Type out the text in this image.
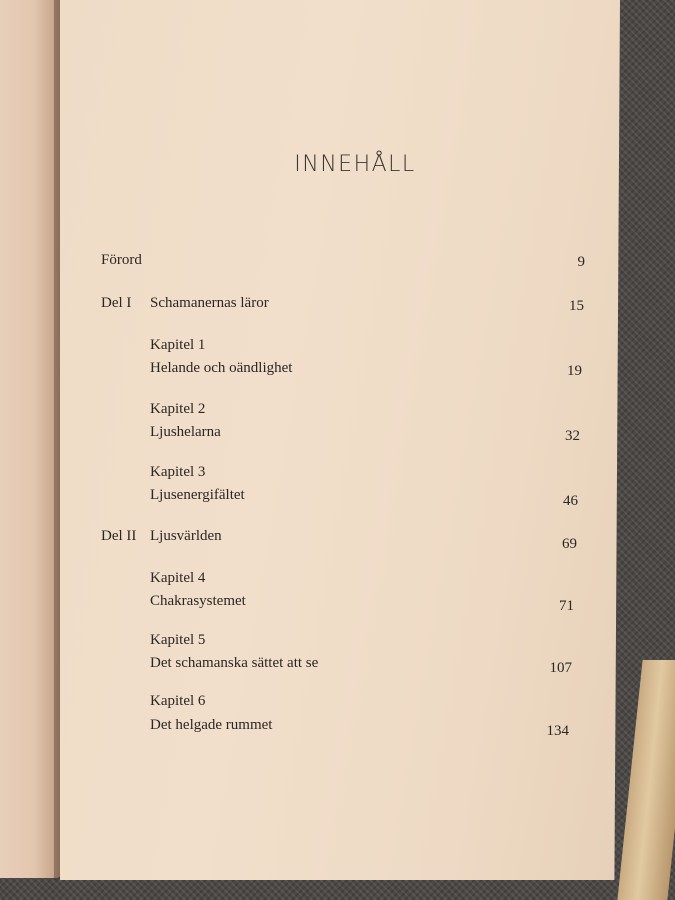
INNEHÅLL
Förord	9
Del I Schamanernas läror	15
Kapitel 1
Helande och oändlighet	19
Kapitel 2
Ljushelarna	32
Kapitel 3
Ljusenergifältet	46
Del II Ljusvärlden	69
Kapitel 4
Chakrasystemet	71
Kapitel 5
Det schamanska sättet att se	107
Kapitel 6
Det helgade rummet	134
